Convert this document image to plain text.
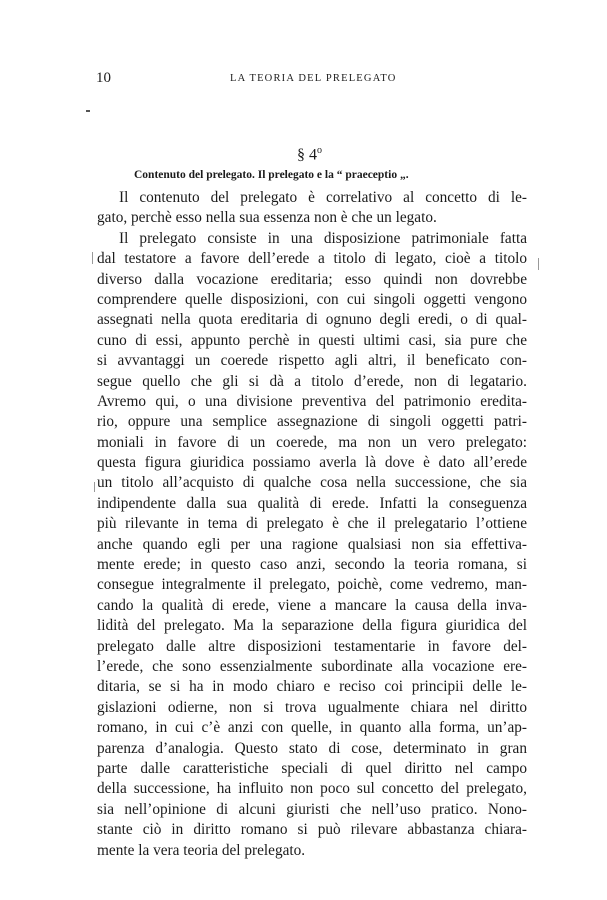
10	LA TEORIA DEL PRELEGATO
§ 4$^o$
Contenuto del prelegato. Il prelegato e la “ praeceptio „.
Il contenuto del prelegato è correlativo al concetto di le-
gato, perchè esso nella sua essenza non è che un legato.
Il prelegato consiste in una disposizione patrimoniale fatta
dal testatore a favore dell’erede a titolo di legato, cioè a titolo
diverso dalla vocazione ereditaria; esso quindi non dovrebbe
comprendere quelle disposizioni, con cui singoli oggetti vengono
assegnati nella quota ereditaria di ognuno degli eredi, o di qual-
cuno di essi, appunto perchè in questi ultimi casi, sia pure che
si avvantaggi un coerede rispetto agli altri, il beneficato con-
segue quello che gli si dà a titolo d’erede, non di legatario.
Avremo qui, o una divisione preventiva del patrimonio eredita-
rio, oppure una semplice assegnazione di singoli oggetti patri-
moniali in favore di un coerede, ma non un vero prelegato:
questa figura giuridica possiamo averla là dove è dato all’erede
un titolo all’acquisto di qualche cosa nella successione, che sia
indipendente dalla sua qualità di erede. Infatti la conseguenza
più rilevante in tema di prelegato è che il prelegatario l’ottiene
anche quando egli per una ragione qualsiasi non sia effettiva-
mente erede; in questo caso anzi, secondo la teoria romana, si
consegue integralmente il prelegato, poichè, come vedremo, man-
cando la qualità di erede, viene a mancare la causa della inva-
lidità del prelegato. Ma la separazione della figura giuridica del
prelegato dalle altre disposizioni testamentarie in favore del-
l’erede, che sono essenzialmente subordinate alla vocazione ere-
ditaria, se si ha in modo chiaro e reciso coi principii delle le-
gislazioni odierne, non si trova ugualmente chiara nel diritto
romano, in cui c’è anzi con quelle, in quanto alla forma, un’ap-
parenza d’analogia. Questo stato di cose, determinato in gran
parte dalle caratteristiche speciali di quel diritto nel campo
della successione, ha influito non poco sul concetto del prelegato,
sia nell’opinione di alcuni giuristi che nell’uso pratico. Nono-
stante ciò in diritto romano si può rilevare abbastanza chiara-
mente la vera teoria del prelegato.
